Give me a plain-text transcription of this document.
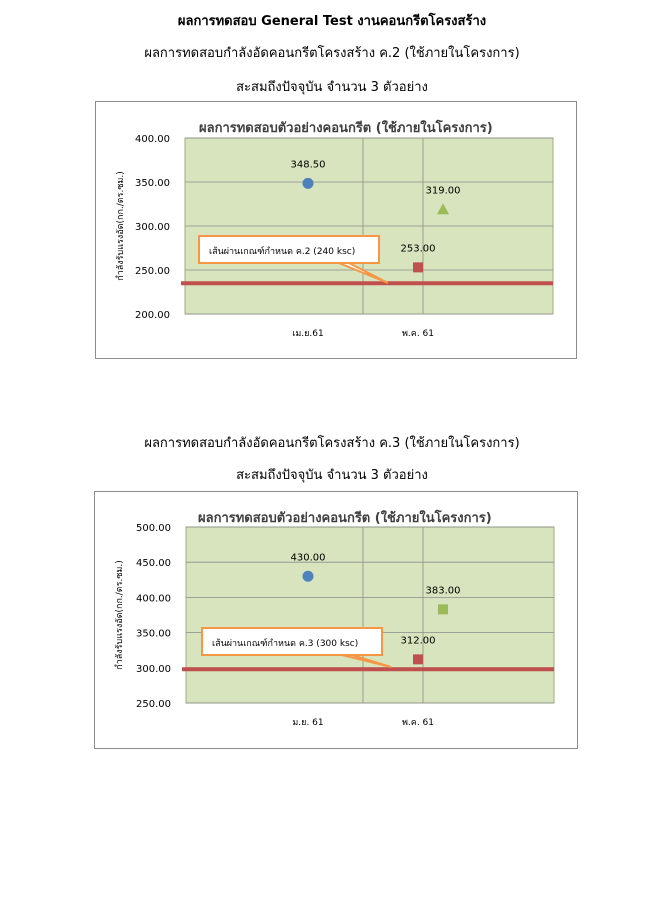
ผลการทดสอบ General Test งานคอนกรีตโครงสร้าง
ผลการทดสอบกำลังอัดคอนกรีตโครงสร้าง ค.2 (ใช้ภายในโครงการ)
สะสมถึงปัจจุบัน จำนวน 3 ตัวอย่าง
ผลการทดสอบตัวอย่างคอนกรีต (ใช้ภายในโครงการ)
200.00
250.00
300.00
350.00
400.00
เม.ย.61	พ.ค. 61
กำลังรับแรงอัด(กก./ตร.ซม.)	เส้นผ่านเกณฑ์กำหนด ค.2 (240 ksc)
348.50
253.00
319.00
ผลการทดสอบกำลังอัดคอนกรีตโครงสร้าง ค.3 (ใช้ภายในโครงการ)
สะสมถึงปัจจุบัน จำนวน 3 ตัวอย่าง
ผลการทดสอบตัวอย่างคอนกรีต (ใช้ภายในโครงการ)
250.00
300.00
350.00
400.00
450.00
500.00
ม.ย. 61	พ.ค. 61
กำลังรับแรงอัด(กก./ตร.ซม.)	เส้นผ่านเกณฑ์กำหนด ค.3 (300 ksc)
430.00
312.00
383.00
